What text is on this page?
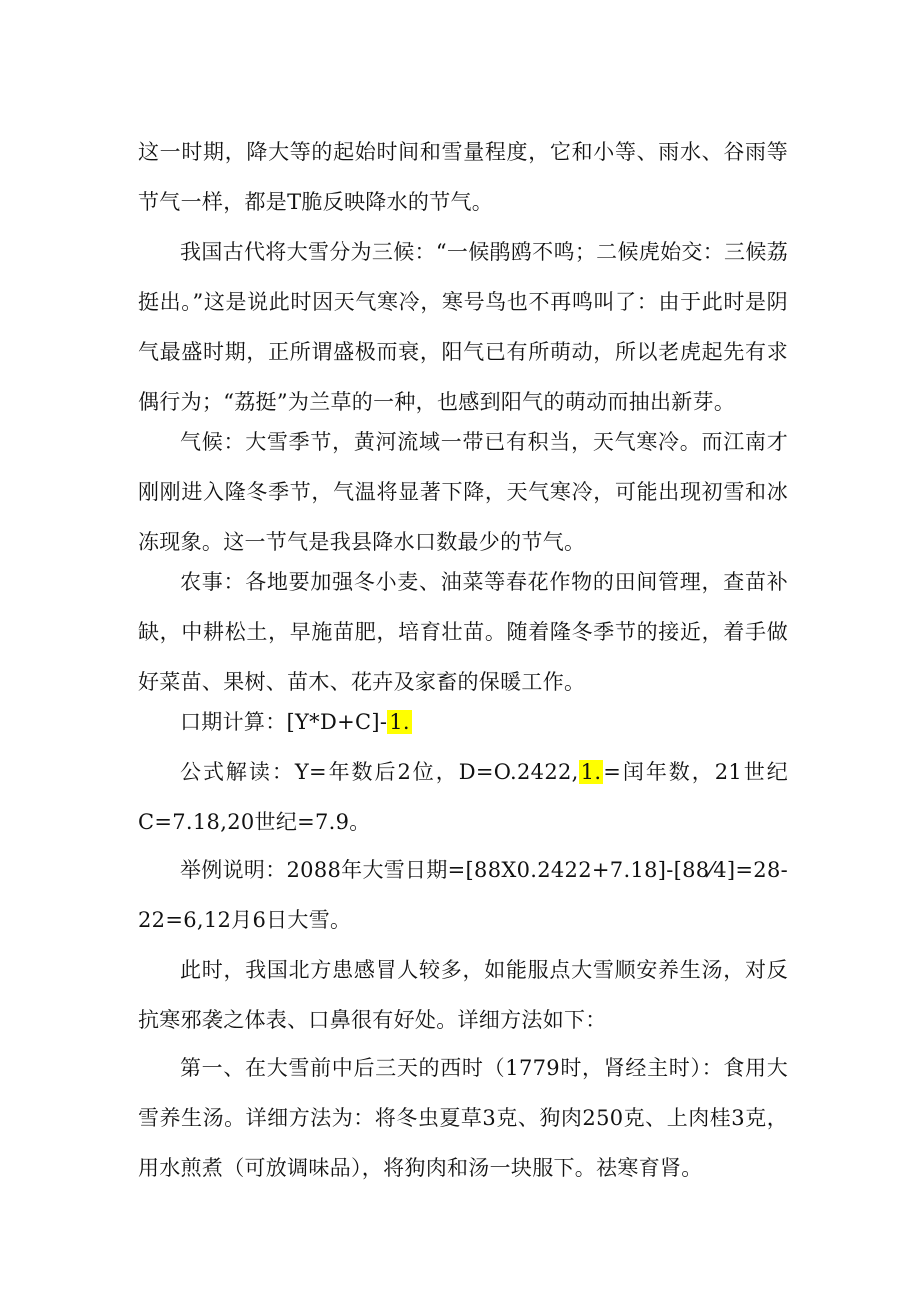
这一时期，降大等的起始时间和雪量程度，它和小等、雨水、谷雨等节气一样，都是T脆反映降水的节气。

我国古代将大雪分为三候：“一候鹃鸥不鸣；二候虎始交：三候荔挺出。”这是说此时因天气寒冷，寒号鸟也不再鸣叫了：由于此时是阴气最盛时期，正所谓盛极而衰，阳气已有所萌动，所以老虎起先有求偶行为；“荔挺”为兰草的一种，也感到阳气的萌动而抽出新芽。

气候：大雪季节，黄河流域一带已有积当，天气寒冷。而江南才刚刚进入隆冬季节，气温将显著下降，天气寒冷，可能出现初雪和冰冻现象。这一节气是我县降水口数最少的节气。

农事：各地要加强冬小麦、油菜等春花作物的田间管理，查苗补缺，中耕松土，早施苗肥，培育壮苗。随着隆冬季节的接近，着手做好菜苗、果树、苗木、花卉及家畜的保暖工作。

口期计算：[Y*D+C]-1.

公式解读：Y=年数后2位，D=O.2422,1.=闰年数，21世纪C=7.18,20世纪=7.9。

举例说明：2088年大雪日期=[88X0.2422+7.18]-[88⁄4]=28-22=6,12月6日大雪。

此时，我国北方患感冒人较多，如能服点大雪顺安养生汤，对反抗寒邪袭之体表、口鼻很有好处。详细方法如下：

第一、在大雪前中后三天的西时（1779时，肾经主时）：食用大雪养生汤。详细方法为：将冬虫夏草3克、狗肉250克、上肉桂3克，用水煎煮（可放调味品），将狗肉和汤一块服下。祛寒育肾。
